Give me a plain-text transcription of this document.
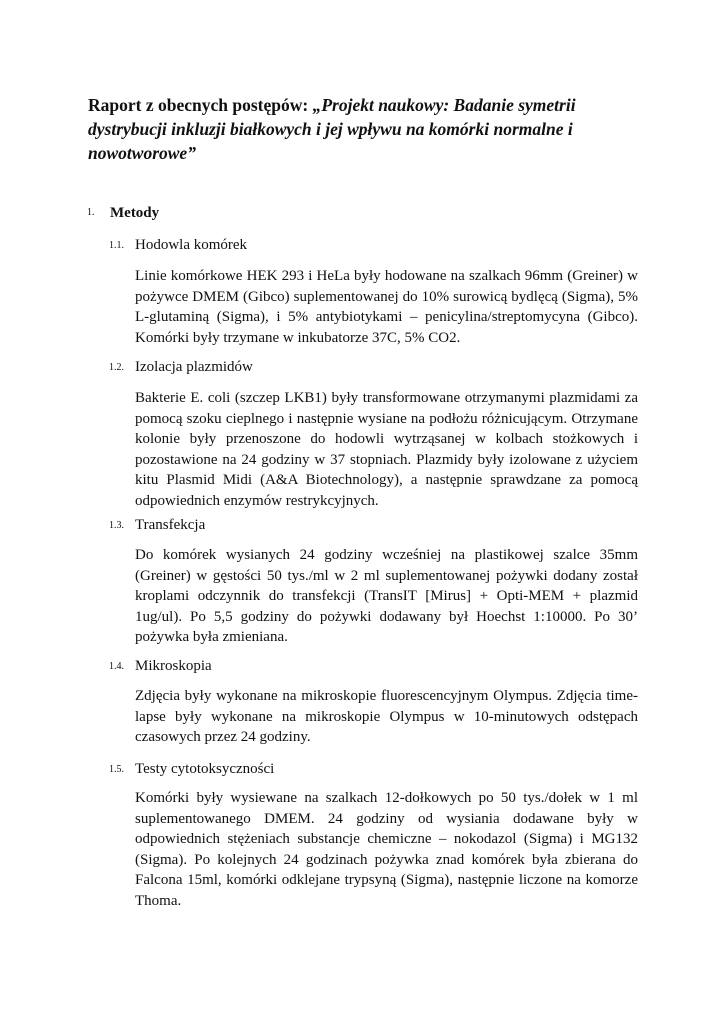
Raport z obecnych postępów: „Projekt naukowy: Badanie symetrii dystrybucji inkluzji białkowych i jej wpływu na komórki normalne i nowotworowe”
1. Metody
1.1. Hodowla komórek

Linie komórkowe HEK 293 i HeLa były hodowane na szalkach 96mm (Greiner) w pożywce DMEM (Gibco) suplementowanej do 10% surowicą bydlęcą (Sigma), 5% L-glutaminą (Sigma), i 5% antybiotykami – penicylina/streptomycyna (Gibco). Komórki były trzymane w inkubatorze 37C, 5% CO2.

1.2. Izolacja plazmidów

Bakterie E. coli (szczep LKB1) były transformowane otrzymanymi plazmidami za pomocą szoku cieplnego i następnie wysiane na podłożu różnicującym. Otrzymane kolonie były przenoszone do hodowli wytrząsanej w kolbach stożkowych i pozostawione na 24 godziny w 37 stopniach. Plazmidy były izolowane z użyciem kitu Plasmid Midi (A&A Biotechnology), a następnie sprawdzane za pomocą odpowiednich enzymów restrykcyjnych.

1.3. Transfekcja

Do komórek wysianych 24 godziny wcześniej na plastikowej szalce 35mm (Greiner) w gęstości 50 tys./ml w 2 ml suplementowanej pożywki dodany został kroplami odczynnik do transfekcji (TransIT [Mirus] + Opti-MEM + plazmid 1ug/ul). Po 5,5 godziny do pożywki dodawany był Hoechst 1:10000. Po 30’ pożywka była zmieniana.

1.4. Mikroskopia

Zdjęcia były wykonane na mikroskopie fluorescencyjnym Olympus. Zdjęcia time-lapse były wykonane na mikroskopie Olympus w 10-minutowych odstępach czasowych przez 24 godziny.

1.5. Testy cytotoksyczności

Komórki były wysiewane na szalkach 12-dołkowych po 50 tys./dołek w 1 ml suplementowanego DMEM. 24 godziny od wysiania dodawane były w odpowiednich stężeniach substancje chemiczne – nokodazol (Sigma) i MG132 (Sigma). Po kolejnych 24 godzinach pożywka znad komórek była zbierana do Falcona 15ml, komórki odklejane trypsyną (Sigma), następnie liczone na komorze Thoma.
